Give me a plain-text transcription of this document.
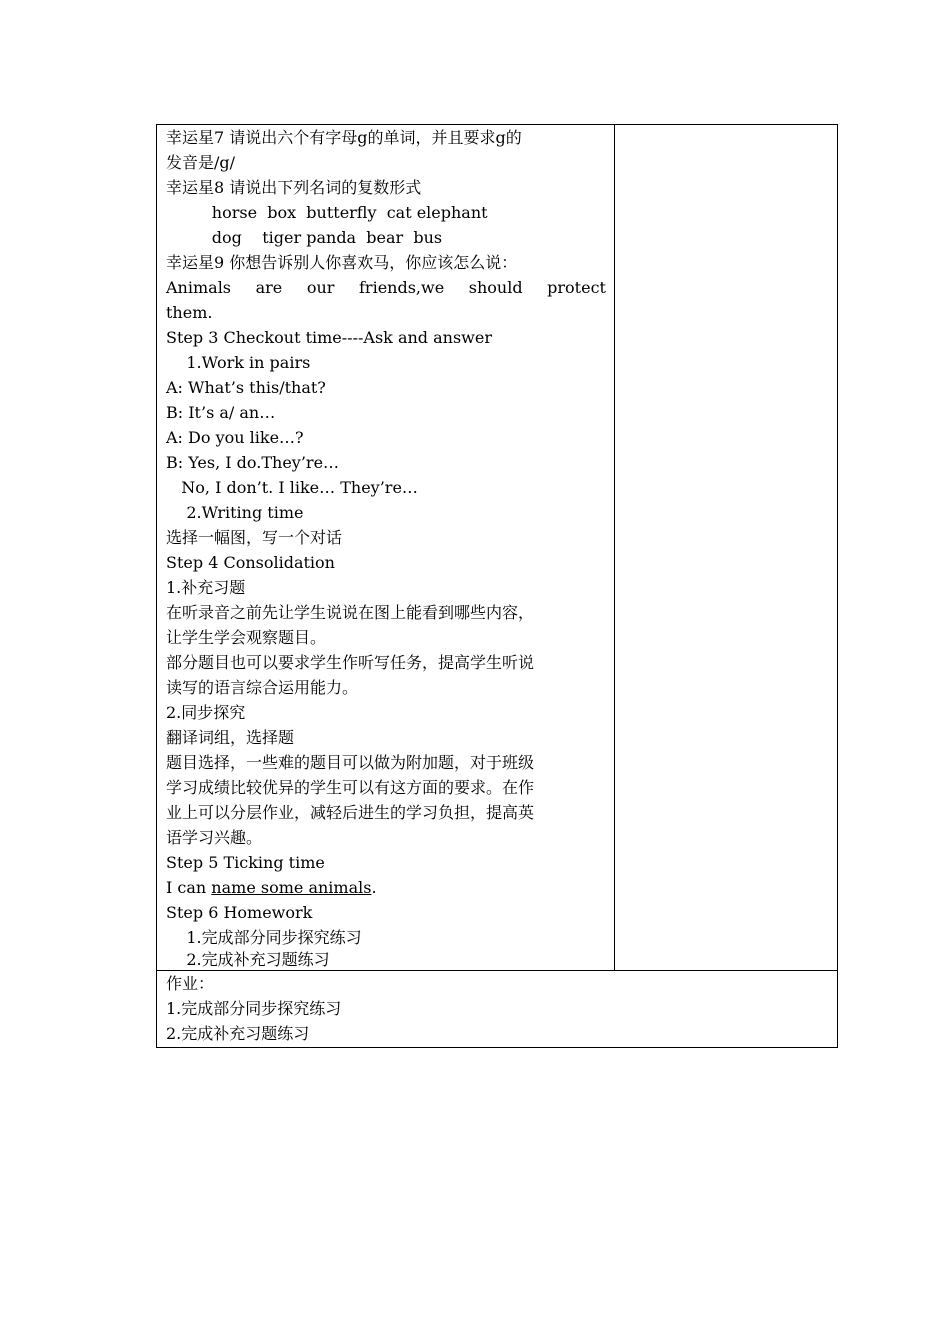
幸运星7 请说出六个有字母g的单词，并且要求g的
发音是/g/
幸运星8 请说出下列名词的复数形式
horse  box  butterfly  cat elephant
dog    tiger panda  bear  bus
幸运星9 你想告诉别人你喜欢马，你应该怎么说：
Animals are our friends,we should protect
them.
Step 3 Checkout time----Ask and answer
1.Work in pairs
A: What’s this/that?
B: It’s a/ an…
A: Do you like…?
B: Yes, I do.They’re…
No, I don’t. I like… They’re…
2.Writing time
选择一幅图，写一个对话
Step 4 Consolidation
1.补充习题
在听录音之前先让学生说说在图上能看到哪些内容，
让学生学会观察题目。
部分题目也可以要求学生作听写任务，提高学生听说
读写的语言综合运用能力。
2.同步探究
翻译词组，选择题
题目选择，一些难的题目可以做为附加题，对于班级
学习成绩比较优异的学生可以有这方面的要求。在作
业上可以分层作业，减轻后进生的学习负担，提高英
语学习兴趣。
Step 5 Ticking time
I can name some animals.
Step 6 Homework
1.完成部分同步探究练习
2.完成补充习题练习
作业：
1.完成部分同步探究练习
2.完成补充习题练习
